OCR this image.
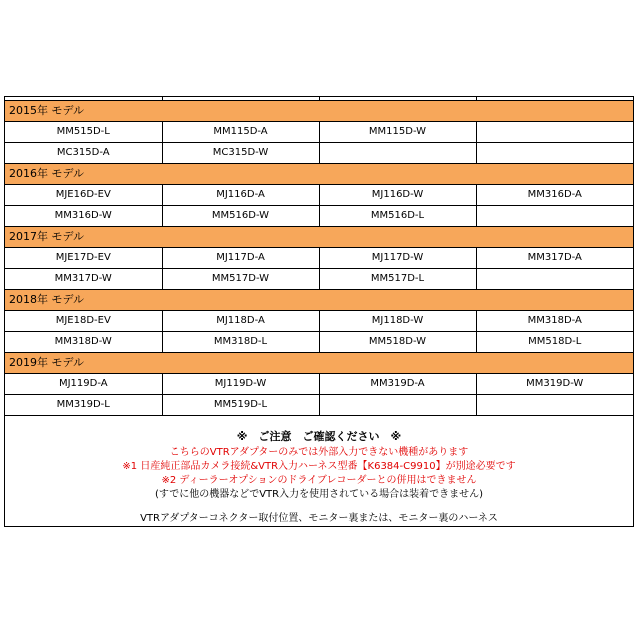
2015年 モデル			
MM515D-L	MM115D-A	MM115D-W	
MC315D-A	MC315D-W		
2016年 モデル			
MJE16D-EV	MJ116D-A	MJ116D-W	MM316D-A
MM316D-W	MM516D-W	MM516D-L	
2017年 モデル			
MJE17D-EV	MJ117D-A	MJ117D-W	MM317D-A
MM317D-W	MM517D-W	MM517D-L	
2018年 モデル			
MJE18D-EV	MJ118D-A	MJ118D-W	MM318D-A
MM318D-W	MM318D-L	MM518D-W	MM518D-L
2019年 モデル			
MJ119D-A	MJ119D-W	MM319D-A	MM319D-W
MM319D-L	MM519D-L		
※　ご注意　ご確認ください　※
こちらのVTRアダプターのみでは外部入力できない機種があります
※1 日産純正部品カメラ接続&VTR入力ハーネス型番【K6384-C9910】が別途必要です
※2 ディーラーオプションのドライブレコーダーとの併用はできません
(すでに他の機器などでVTR入力を使用されている場合は装着できません)
VTRアダプターコネクター取付位置、モニター裏または、モニター裏のハーネス
